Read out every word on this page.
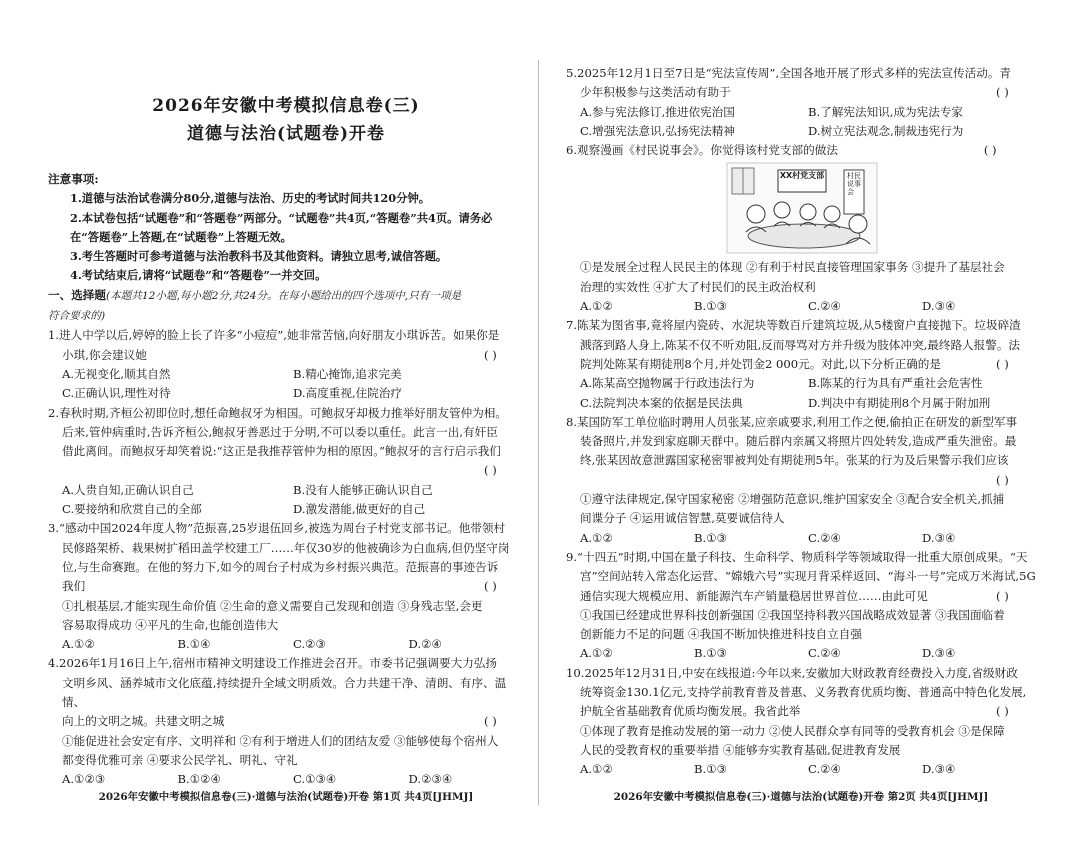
2026年安徽中考模拟信息卷(三)
道德与法治(试题卷)开卷
注意事项:
1.道德与法治试卷满分80分,道德与法治、历史的考试时间共120分钟。
2.本试卷包括“试题卷”和“答题卷”两部分。“试题卷”共4页,“答题卷”共4页。请务必
在“答题卷”上答题,在“试题卷”上答题无效。
3.考生答题时可参考道德与法治教科书及其他资料。请独立思考,诚信答题。
4.考试结束后,请将“试题卷”和“答题卷”一并交回。
一、选择题(本题共12小题,每小题2分,共24分。在每小题给出的四个选项中,只有一项是
符合要求的)
1.进人中学以后,婷婷的脸上长了许多“小痘痘”,她非常苦恼,向好朋友小琪诉苦。如果你是
小琪,你会建议她	( )
A.无视变化,顺其自然	B.精心掩饰,追求完美
C.正确认识,理性对待	D.高度重视,住院治疗
2.春秋时期,齐桓公初即位时,想任命鲍叔牙为相国。可鲍叔牙却极力推举好朋友管仲为相。
后来,管仲病重时,告诉齐桓公,鲍叔牙善恶过于分明,不可以委以重任。此言一出,有奸臣
借此离间。而鲍叔牙却笑着说:“这正是我推荐管仲为相的原因。”鲍叔牙的言行启示我们
( )
A.人贵自知,正确认识自己	B.没有人能够正确认识自己
C.要接纳和欣赏自己的全部	D.激发潜能,做更好的自己
3.“感动中国2024年度人物”范振喜,25岁退伍回乡,被选为周台子村党支部书记。他带领村
民修路架桥、栽果树扩稻田盖学校建工厂……年仅30岁的他被确诊为白血病,但仍坚守岗
位,与生命赛跑。在他的努力下,如今的周台子村成为乡村振兴典范。范振喜的事迹告诉
我们	( )
①扎根基层,才能实现生命价值 ②生命的意义需要自己发现和创造 ③身残志坚,会更
容易取得成功 ④平凡的生命,也能创造伟大
A.①②	B.①④	C.②③	D.②④
4.2026年1月16日上午,宿州市精神文明建设工作推进会召开。市委书记强调要大力弘扬
文明乡风、涵养城市文化底蕴,持续提升全域文明质效。合力共建干净、清朗、有序、温情、
向上的文明之城。共建文明之城	( )
①能促进社会安定有序、文明祥和 ②有利于增进人们的团结友爱 ③能够使每个宿州人
都变得优雅可亲 ④要求公民学礼、明礼、守礼
A.①②③	B.①②④	C.①③④	D.②③④
2026年安徽中考模拟信息卷(三)·道德与法治(试题卷)开卷 第1页 共4页[JHMJ]
5.2025年12月1日至7日是“宪法宣传周”,全国各地开展了形式多样的宪法宣传活动。青
少年积极参与这类活动有助于	( )
A.参与宪法修订,推进依宪治国	B.了解宪法知识,成为宪法专家
C.增强宪法意识,弘扬宪法精神	D.树立宪法观念,制裁违宪行为
6.观察漫画《村民说事会》。你觉得该村党支部的做法	( )
XX村党支部	村民说事会
①是发展全过程人民民主的体现 ②有利于村民直接管理国家事务 ③提升了基层社会
治理的实效性 ④扩大了村民们的民主政治权利
A.①②	B.①③	C.②④	D.③④
7.陈某为图省事,竟将屋内瓷砖、水泥块等数百斤建筑垃圾,从5楼窗户直接抛下。垃圾碎渣
溅落到路人身上,陈某不仅不听劝阻,反而辱骂对方并升级为肢体冲突,最终路人报警。法
院判处陈某有期徒刑8个月,并处罚金2 000元。对此,以下分析正确的是	( )
A.陈某高空抛物属于行政违法行为	B.陈某的行为具有严重社会危害性
C.法院判决本案的依据是民法典	D.判决中有期徒刑8个月属于附加刑
8.某国防军工单位临时聘用人员张某,应亲戚要求,利用工作之便,偷拍正在研发的新型军事
装备照片,并发到家庭聊天群中。随后群内亲属又将照片四处转发,造成严重失泄密。最
终,张某因故意泄露国家秘密罪被判处有期徒刑5年。张某的行为及后果警示我们应该
( )
①遵守法律规定,保守国家秘密 ②增强防范意识,维护国家安全 ③配合安全机关,抓捕
间谍分子 ④运用诚信智慧,莫要诚信待人
A.①②	B.①③	C.②④	D.③④
9.“十四五”时期,中国在量子科技、生命科学、物质科学等领域取得一批重大原创成果。“天
宫”空间站转入常态化运营、“嫦娥六号”实现月背采样返回、“海斗一号”完成万米海试,5G
通信实现大规模应用、新能源汽车产销量稳居世界首位……由此可见	( )
①我国已经建成世界科技创新强国 ②我国坚持科教兴国战略成效显著 ③我国面临着
创新能力不足的问题 ④我国不断加快推进科技自立自强
A.①②	B.①③	C.②④	D.③④
10.2025年12月31日,中安在线报道:今年以来,安徽加大财政教育经费投入力度,省级财政
统筹资金130.1亿元,支持学前教育普及普惠、义务教育优质均衡、普通高中特色化发展,
护航全省基础教育优质均衡发展。我省此举	( )
①体现了教育是推动发展的第一动力 ②使人民群众享有同等的受教育机会 ③是保障
人民的受教育权的重要举措 ④能够夯实教育基础,促进教育发展
A.①②	B.①③	C.②④	D.③④
2026年安徽中考模拟信息卷(三)·道德与法治(试题卷)开卷 第2页 共4页[JHMJ]
